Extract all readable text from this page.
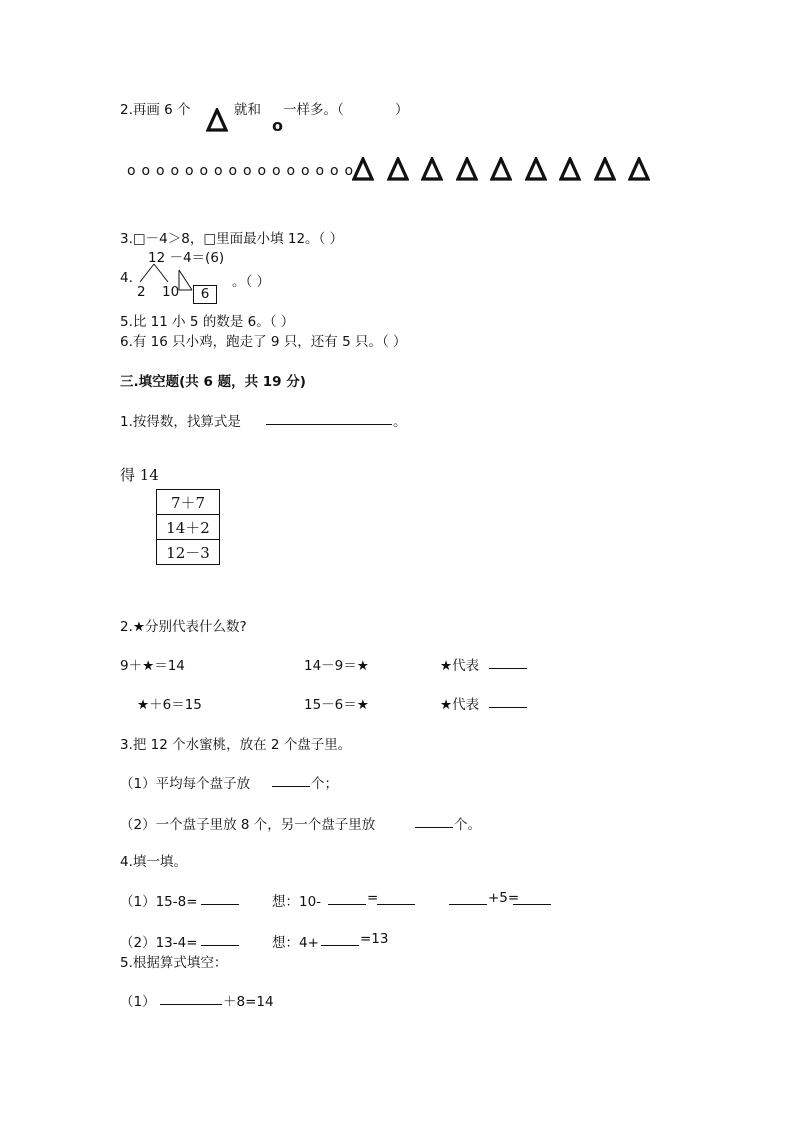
2.再画 6 个	就和
o
一样多。（	）
o o o o o o o o o o o o o o o o
3.□－4＞8，□里面最小填 12。（ ）
12 －4＝(6)
4.
2 10	6
。（ ）
5.比 11 小 5 的数是 6。（ ）
6.有 16 只小鸡，跑走了 9 只，还有 5 只。（ ）
三.填空题(共 6 题，共 19 分)
1.按得数，找算式是	。
得 14
7＋7
14＋2
12－3
2.★分别代表什么数?
9＋★＝14	14－9＝★	★代表
★＋6＝15	15－6＝★	★代表
3.把 12 个水蜜桃，放在 2 个盘子里。
（1）平均每个盘子放	个；
（2）一个盘子里放 8 个，另一个盘子里放	个。
4.填一填。
（1）15-8=	想：10-	=	+5=
（2）13-4=	想：4+	=13
5.根据算式填空：
（1）	＋8=14
